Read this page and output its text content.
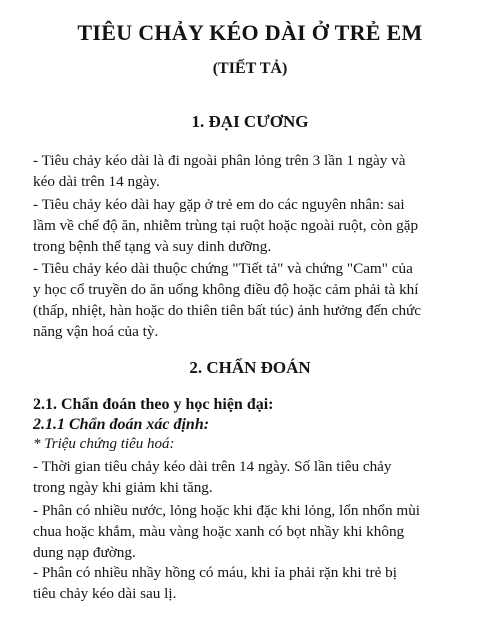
TIÊU CHẢY KÉO DÀI Ở TRẺ EM
(TIẾT TẢ)
1. ĐẠI CƯƠNG
- Tiêu chảy kéo dài là đi ngoài phân lỏng trên 3 lần 1 ngày và
kéo dài trên 14 ngày.
- Tiêu chảy kéo dài hay gặp ở trẻ em do các nguyên nhân: sai
lầm về chế độ ăn, nhiễm trùng tại ruột hoặc ngoài ruột, còn gặp
trong bệnh thể tạng và suy dinh dưỡng.
- Tiêu chảy kéo dài thuộc chứng "Tiết tả" và chứng "Cam" của
y học cổ truyền do ăn uống không điều độ hoặc cảm phải tà khí
(thấp, nhiệt, hàn hoặc do thiên tiên bất túc) ảnh hưởng đến chức
năng vận hoá của tỳ.
2. CHẨN ĐOÁN
2.1. Chẩn đoán theo y học hiện đại:
2.1.1 Chẩn đoán xác định:
* Triệu chứng tiêu hoá:
- Thời gian tiêu chảy kéo dài trên 14 ngày. Số lần tiêu chảy
trong ngày khi giảm khi tăng.
- Phân có nhiều nước, lỏng hoặc khi đặc khi lỏng, lổn nhổn mùi
chua hoặc khắm, màu vàng hoặc xanh có bọt nhầy khi không
dung nạp đường.
- Phân có nhiều nhầy hồng có máu, khi ỉa phải rặn khi trẻ bị
tiêu chảy kéo dài sau lị.
